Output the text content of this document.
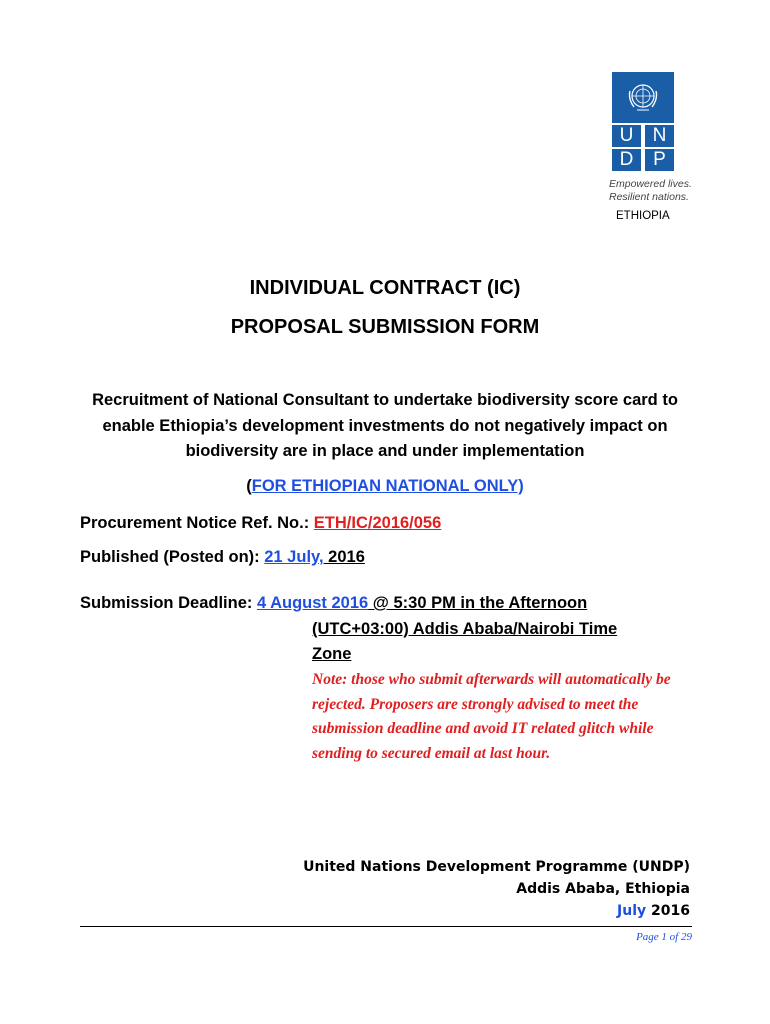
U	N
D	P
Empowered lives.
Resilient nations.
ETHIOPIA
INDIVIDUAL CONTRACT (IC)
PROPOSAL SUBMISSION FORM
Recruitment of National Consultant to undertake biodiversity score card to enable Ethiopia’s development investments do not negatively impact on biodiversity are in place and under implementation
(FOR ETHIOPIAN NATIONAL ONLY)
Procurement Notice Ref. No.: ETH/IC/2016/056
Published (Posted on): 21 July, 2016
Submission Deadline: 4 August 2016 @ 5:30 PM in the Afternoon
(UTC+03:00) Addis Ababa/Nairobi Time
Zone
Note: those who submit afterwards will automatically be rejected. Proposers are strongly advised to meet the submission deadline and avoid IT related glitch while sending to secured email at last hour.
United Nations Development Programme (UNDP)
Addis Ababa, Ethiopia
July 2016
Page 1 of 29
